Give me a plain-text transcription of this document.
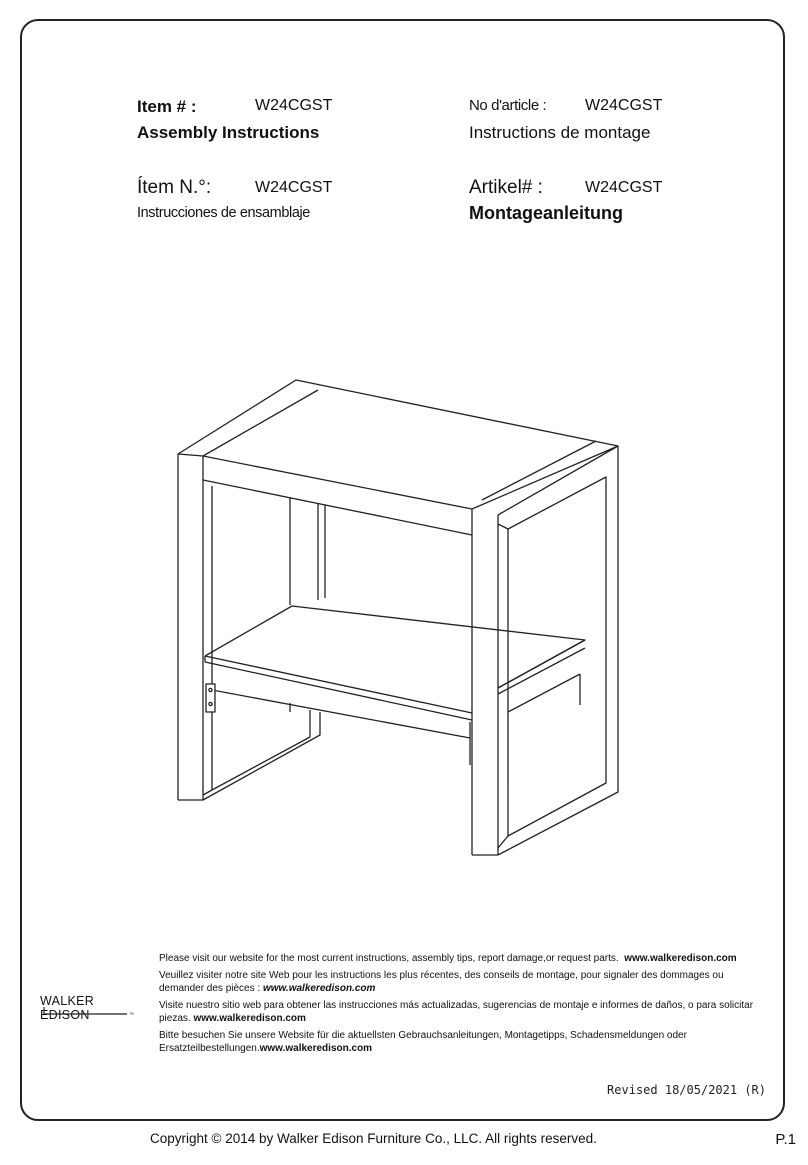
Item # :	W24CGST
Assembly Instructions
No d'article : W24CGST
Instructions de montage
Ítem N.°:	W24CGST
Instrucciones de ensamblaje
Artikel# :	W24CGST
Montageanleitung
WALKER EDISON	™

Please visit our website for the most current instructions, assembly tips, report damage,or request parts. www.walkeredison.com

Veuillez visiter notre site Web pour les instructions les plus récentes, des conseils de montage, pour signaler des dommages ou demander des pièces : www.walkeredison.com

Visite nuestro sitio web para obtener las instrucciones más actualizadas, sugerencias de montaje e informes de daños, o para solicitar piezas. www.walkeredison.com

Bitte besuchen Sie unsere Website für die aktuellsten Gebrauchsanleitungen, Montagetipps, Schadensmeldungen oder Ersatzteilbestellungen.www.walkeredison.com

Revised 18/05/2021 (R)
Copyright © 2014 by Walker Edison Furniture Co., LLC. All rights reserved.	P.1
